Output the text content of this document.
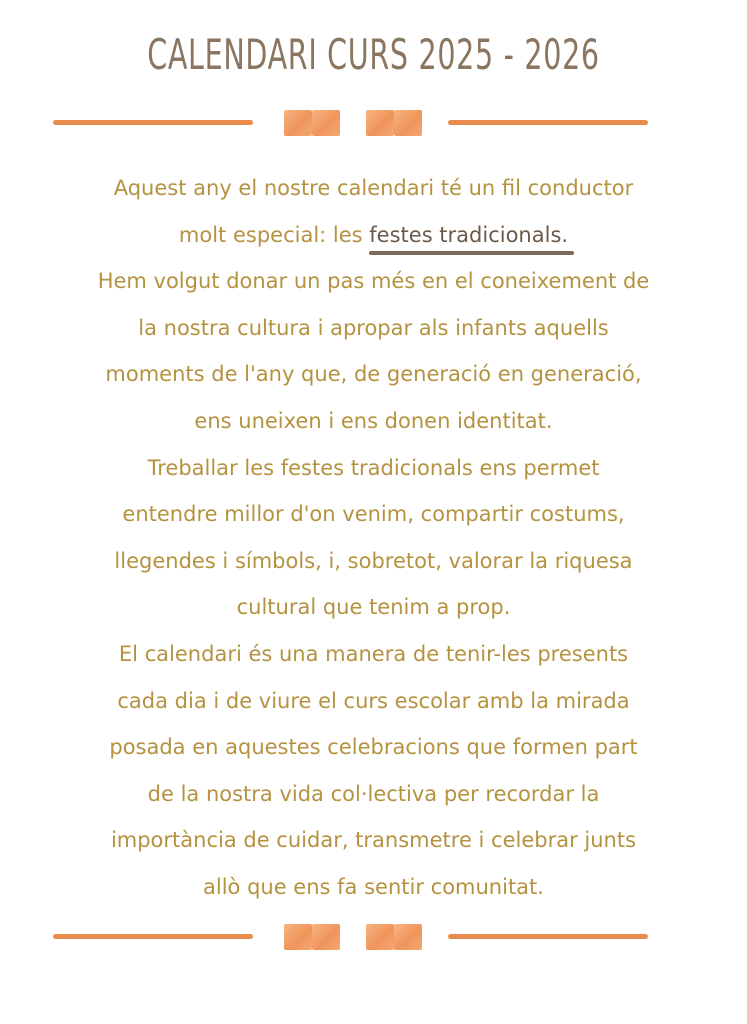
CALENDARI CURS 2025 - 2026
Aquest any el nostre calendari té un fil conductor
molt especial: les festes tradicionals.
Hem volgut donar un pas més en el coneixement de
la nostra cultura i apropar als infants aquells
moments de l'any que, de generació en generació,
ens uneixen i ens donen identitat.
Treballar les festes tradicionals ens permet
entendre millor d'on venim, compartir costums,
llegendes i símbols, i, sobretot, valorar la riquesa
cultural que tenim a prop.
El calendari és una manera de tenir-les presents
cada dia i de viure el curs escolar amb la mirada
posada en aquestes celebracions que formen part
de la nostra vida col·lectiva per recordar la
importància de cuidar, transmetre i celebrar junts
allò que ens fa sentir comunitat.
